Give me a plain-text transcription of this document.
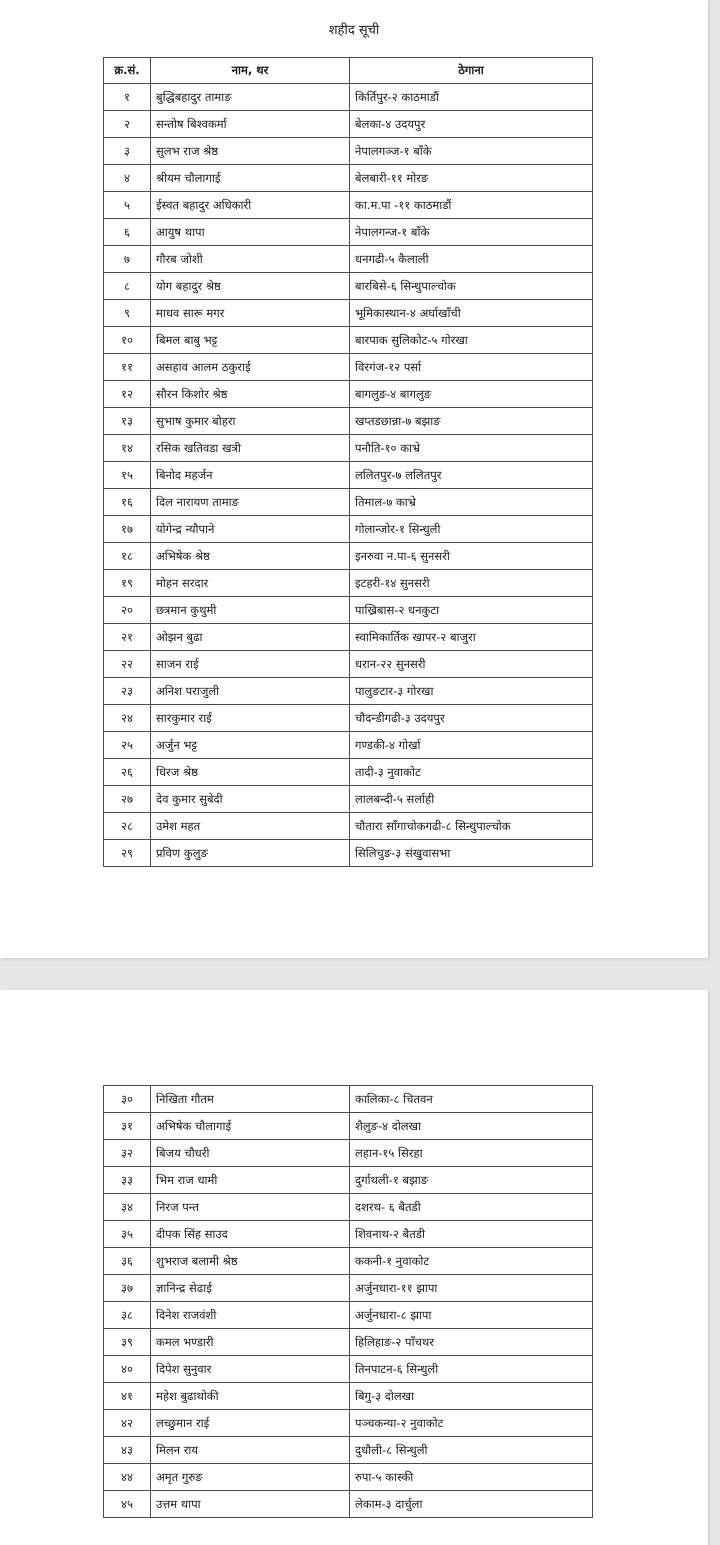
शहीद सूची
क्र.सं.	नाम, थर	ठेगाना
१	बुद्धिबहादुर तामाङ	किर्तिपुर-२ काठमाडौं
२	सन्तोष बिश्वकर्मा	बेलका-४ उदयपुर
३	सुलभ राज श्रेष्ठ	नेपालगञ्ज-१ बाँके
४	श्रीयम चौलागाई	बेलबारी-११ मोरङ
५	ईस्वत बहादुर अधिकारी	का.म.पा -११ काठमाडौं
६	आयुष थापा	नेपालगन्ज-१ बाँके
७	गौरब जोशी	धनगढी-५ कैलाली
८	योग बहादुर श्रेष्ठ	बारबिसे-६ सिन्धुपाल्चोक
९	माधव सारू मगर	भूमिकास्थान-४ अर्घाखाँची
१०	बिमल बाबु भट्ट	बारपाक सुलिकोट-५ गोरखा
११	असहाव आलम ठकुराई	विरगंज-१२ पर्सा
१२	सौरन किशोर श्रेष्ठ	बागलुङ-४ बागलुङ
१३	सुभाष कुमार बोहरा	खप्तडछान्ना-७ बझाङ
१४	रसिक खतिवडा खत्री	पनौति-१० काभ्रे
१५	बिनोद महर्जन	ललितपुर-७ ललितपुर
१६	दिल नारायण तामाङ	तिमाल-७ काभ्रे
१७	योगेन्द्र न्यौपाने	गोलान्जोर-१ सिन्धुली
१८	अभिषेक श्रेष्ठ	इनरुवा न.पा-६ सुनसरी
१९	मोहन सरदार	इटहरी-१४ सुनसरी
२०	छत्रमान कुथुमी	पाख्रिबास-२ धनकुटा
२१	ओझन बुढा	स्वामिकार्तिक खापर-२ बाजुरा
२२	साजन राई	धरान-२२ सुनसरी
२३	अनिश पराजुली	पालुङटार-३ गोरखा
२४	सारकुमार राई	चौदन्डीगढी-३ उदयपुर
२५	अर्जुन भट्ट	गण्डकी-४ गोर्खा
२६	धिरज श्रेष्ठ	तादी-३ नुवाकोट
२७	देव कुमार सुबेदी	लालबन्दी-५ सर्लाही
२८	उमेश महत	चौतारा साँगाचोकगढी-८ सिन्धुपाल्चोक
२९	प्रविण कुलुङ	सिलिचुङ-३ संखुवासभा
३०	निखिता गौतम	कालिका-८ चितवन
३१	अभिषेक चौलागाई	शैलुङ-४ दोलखा
३२	बिजय चौधरी	लहान-१५ सिरहा
३३	भिम राज धामी	दुर्गाथली-१ बझाङ
३४	निरज पन्त	दशरथ- ६ बैतडी
३५	दीपक सिंह साउद	शिवनाथ-२ बैतडी
३६	शुभराज बलामी श्रेष्ठ	ककनी-१ नुवाकोट
३७	ज्ञानिन्द्र सेढाई	अर्जुनधारा-११ झापा
३८	दिनेश राजवंशी	अर्जुनधारा-८ झापा
३९	कमल भण्डारी	हिलिहाङ-२ पाँचथर
४०	दिपेश सुनुवार	तिनपाटन-६ सिन्धुली
४१	महेश बुढाथोकी	बिगु-३ दोलखा
४२	लच्छुमान राई	पञ्चकन्या-२ नुवाकोट
४३	मिलन राय	दुधौली-८ सिन्धुली
४४	अमृत गुरुङ	रुपा-५ कास्की
४५	उत्तम थापा	लेकाम-३ दार्चुला
